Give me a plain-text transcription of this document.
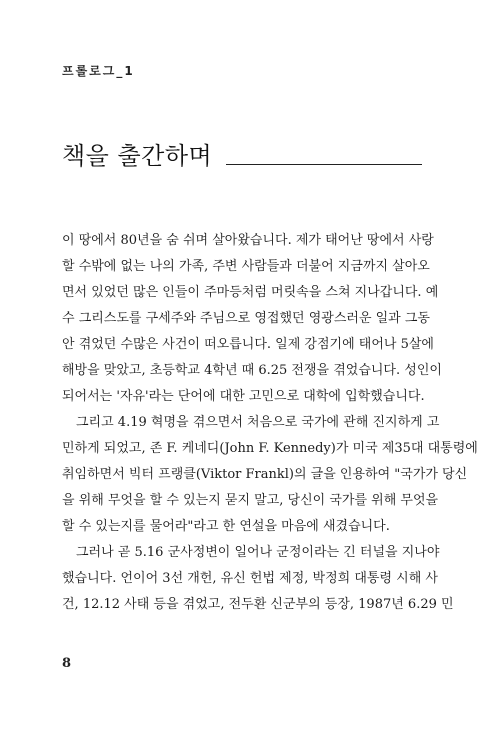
프롤로그_1
책을 출간하며
이 땅에서 80년을 숨 쉬며 살아왔습니다. 제가 태어난 땅에서 사랑
할 수밖에 없는 나의 가족, 주변 사람들과 더불어 지금까지 살아오
면서 있었던 많은 인들이 주마등처럼 머릿속을 스쳐 지나갑니다. 예
수 그리스도를 구세주와 주님으로 영접했던 영광스러운 일과 그동
안 겪었던 수많은 사건이 떠오릅니다. 일제 강점기에 태어나 5살에
해방을 맞았고, 초등학교 4학년 때 6.25 전쟁을 겪었습니다. 성인이
되어서는 '자유'라는 단어에 대한 고민으로 대학에 입학했습니다.
그리고 4.19 혁명을 겪으면서 처음으로 국가에 관해 진지하게 고
민하게 되었고, 존 F. 케네디(John F. Kennedy)가 미국 제35대 대통령에
취임하면서 빅터 프랭클(Viktor Frankl)의 글을 인용하여 "국가가 당신
을 위해 무엇을 할 수 있는지 묻지 말고, 당신이 국가를 위해 무엇을
할 수 있는지를 물어라"라고 한 연설을 마음에 새겼습니다.
그러나 곧 5.16 군사정변이 일어나 군정이라는 긴 터널을 지나야
했습니다. 언이어 3선 개헌, 유신 헌법 제정, 박정희 대통령 시해 사
건, 12.12 사태 등을 겪었고, 전두환 신군부의 등장, 1987년 6.29 민
8
